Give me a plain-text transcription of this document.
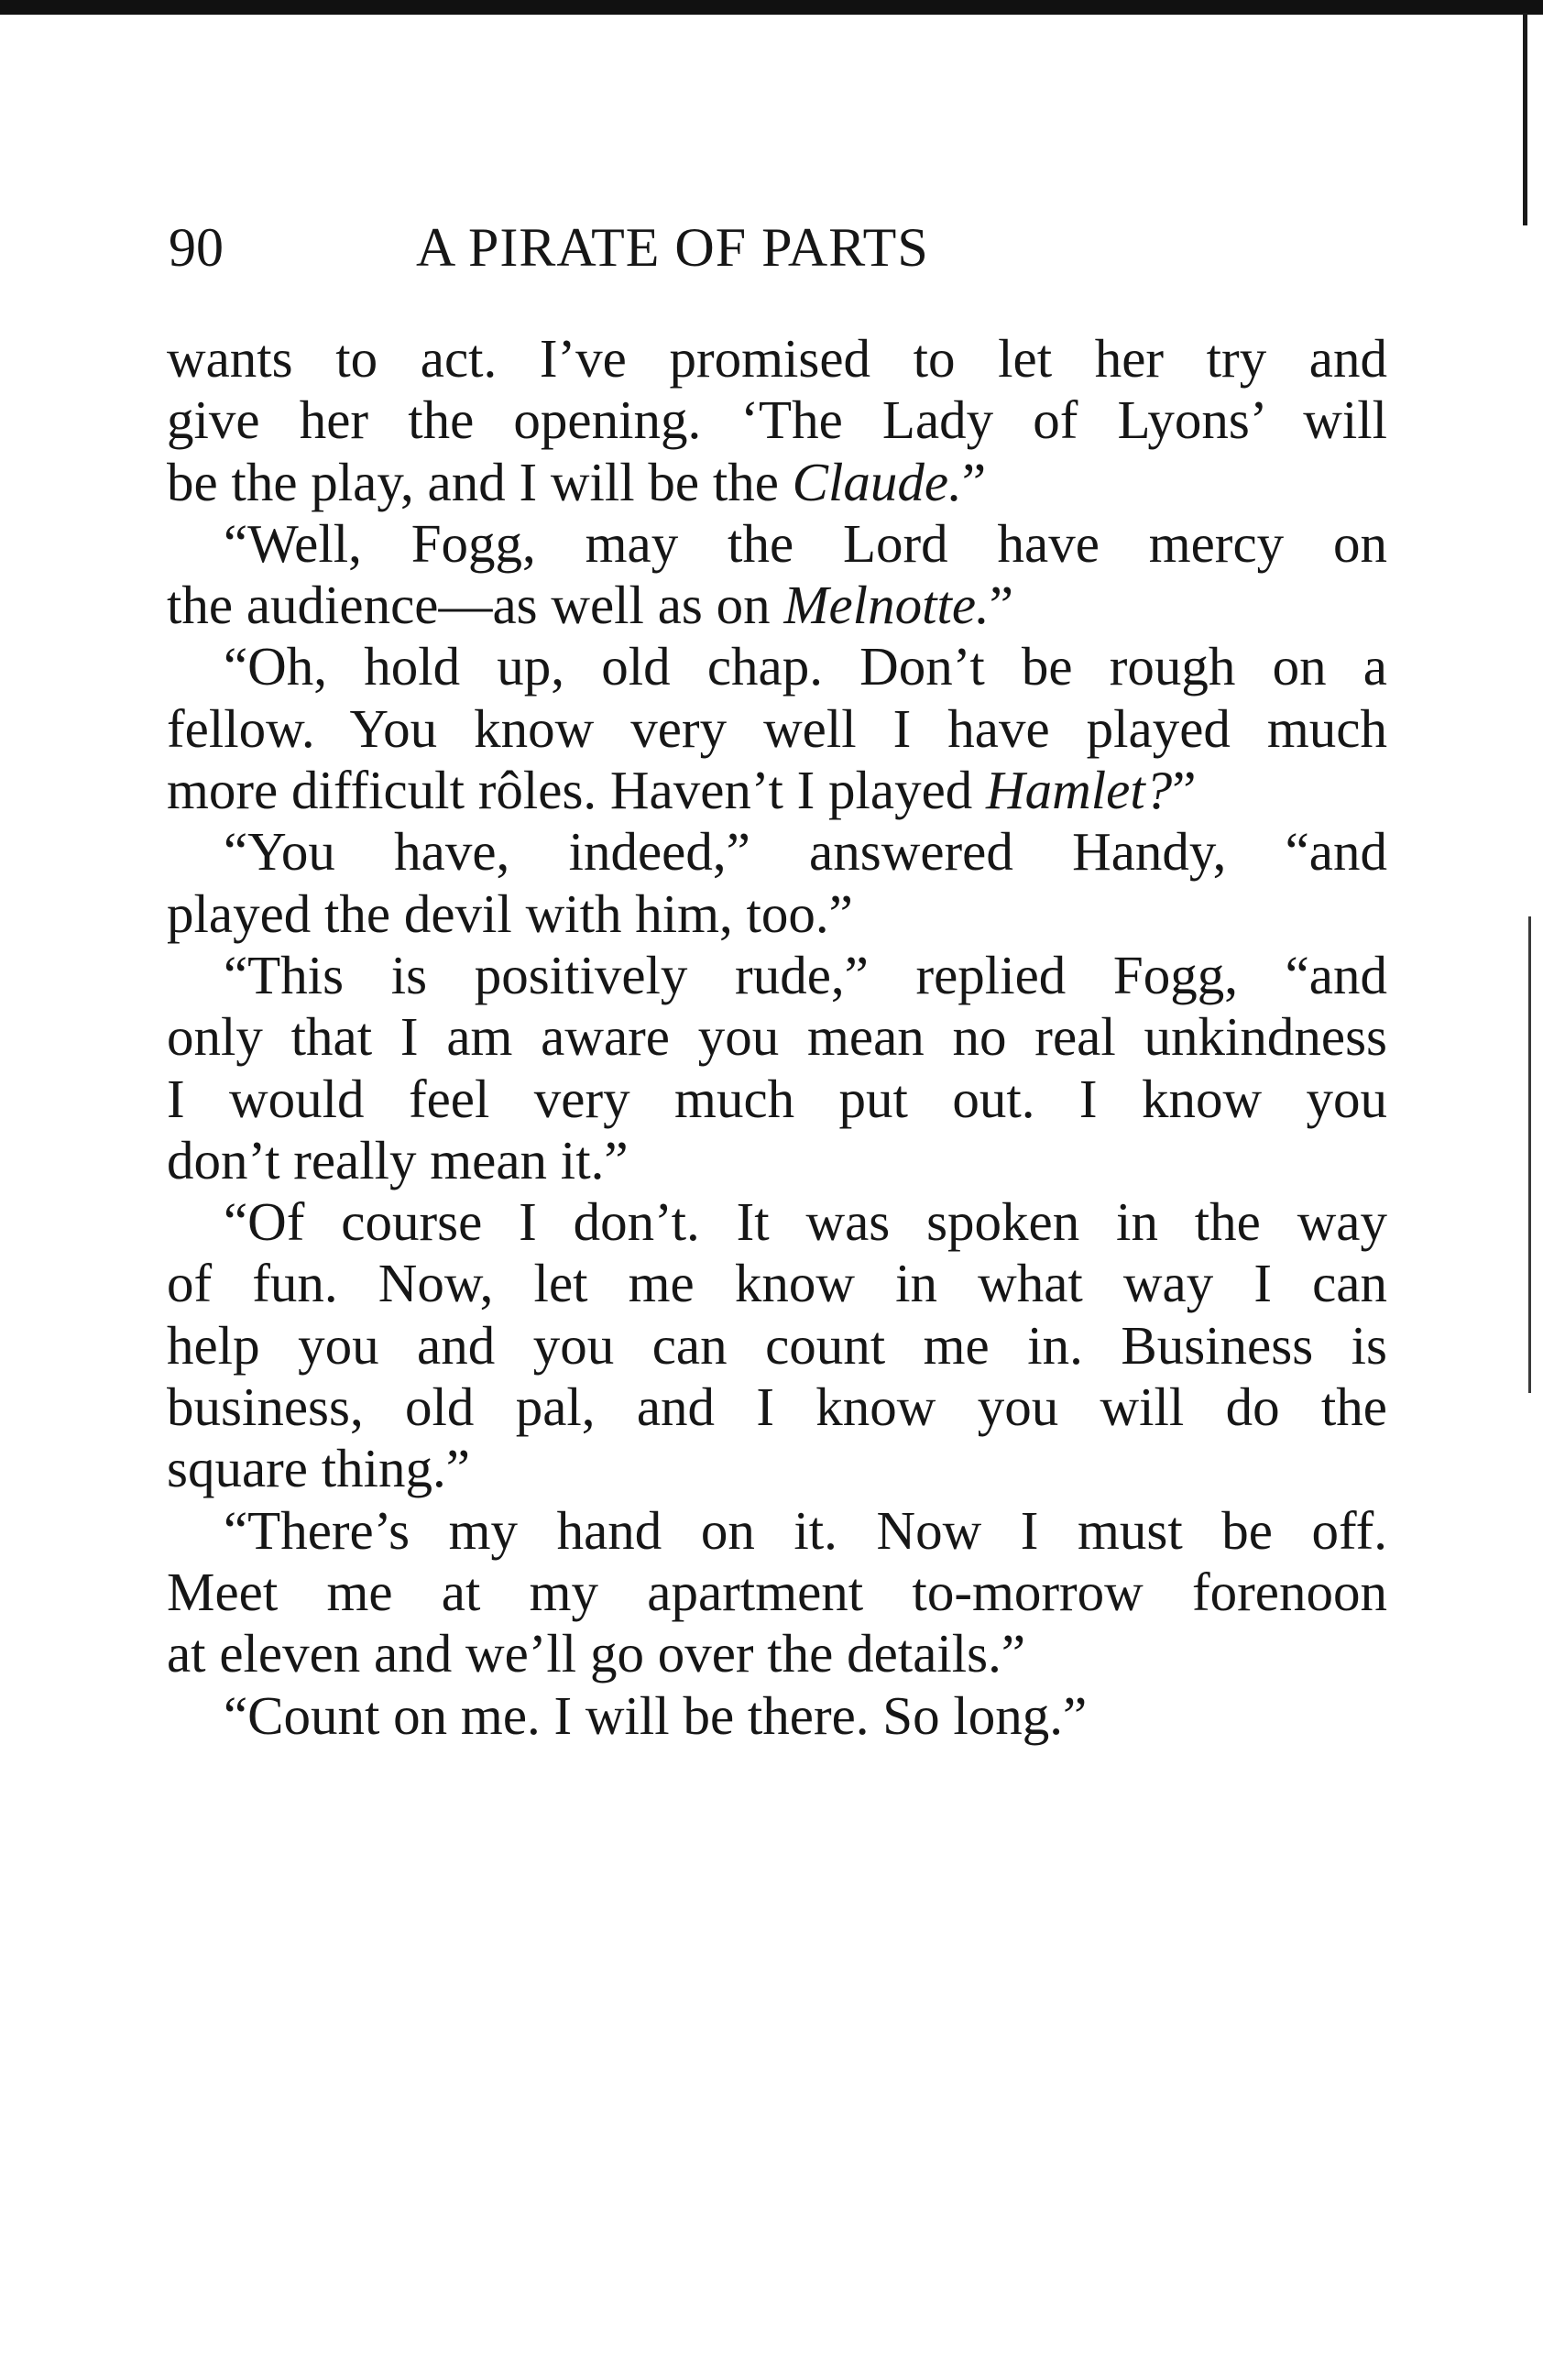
90	A PIRATE OF PARTS
wants to act. I’ve promised to let her try and
give her the opening. ‘The Lady of Lyons’ will
be the play, and I will be the Claude.”
“Well, Fogg, may the Lord have mercy on
the audience—as well as on Melnotte.”
“Oh, hold up, old chap. Don’t be rough on a
fellow. You know very well I have played much
more difficult rôles. Haven’t I played Hamlet?”
“You have, indeed,” answered Handy, “and
played the devil with him, too.”
“This is positively rude,” replied Fogg, “and
only that I am aware you mean no real unkindness
I would feel very much put out. I know you
don’t really mean it.”
“Of course I don’t. It was spoken in the way
of fun. Now, let me know in what way I can
help you and you can count me in. Business is
business, old pal, and I know you will do the
square thing.”
“There’s my hand on it. Now I must be off.
Meet me at my apartment to-morrow forenoon
at eleven and we’ll go over the details.”
“Count on me. I will be there. So long.”
